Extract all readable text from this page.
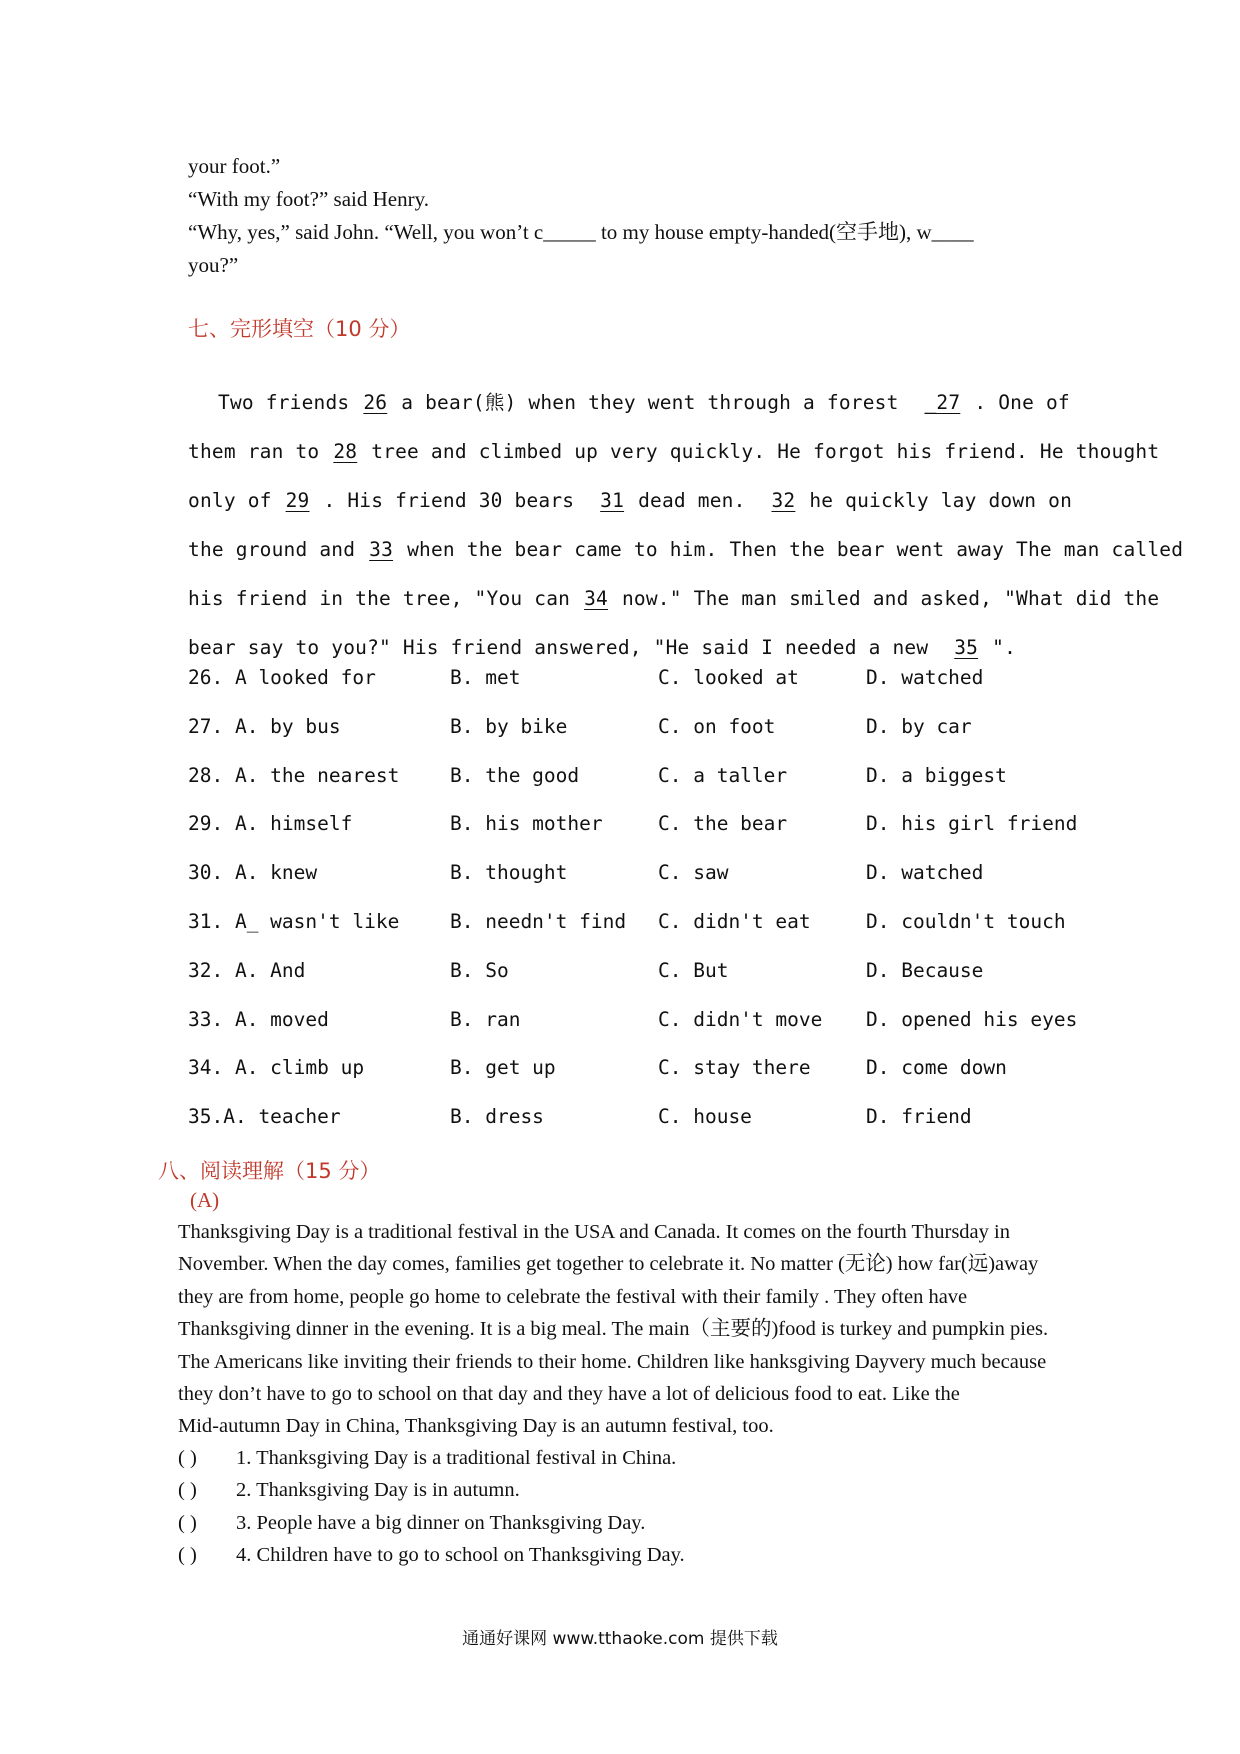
your foot.”

“With my foot?” said Henry.

“Why, yes,” said John. “Well, you won’t c_____ to my house empty-handed(空手地), w____

you?”

七、完形填空（10 分）
Two friends 26 a bear(熊) when they went through a forest _27 . One of
them ran to 28 tree and climbed up very quickly. He forgot his friend. He thought
only of 29 . His friend 30 bears 31 dead men. 32 he quickly lay down on
the ground and 33 when the bear came to him. Then the bear went away The man called
his friend in the tree, "You can 34 now." The man smiled and asked, "What did the
bear say to you?" His friend answered, "He said I needed a new 35 ".
26. A looked for	B. met	C. looked at	D. watched
27. A. by bus	B. by bike	C. on foot	D. by car
28. A. the nearest	B. the good	C. a taller	D. a biggest
29. A. himself	B. his mother	C. the bear	D. his girl friend
30. A. knew	B. thought	C. saw	D. watched
31. A_ wasn't like	B. needn't find C. didn't eat	D. couldn't touch
32. A. And	B. So	C. But	D. Because
33. A. moved	B. ran	C. didn't move D. opened his eyes
34. A. climb up	B. get up	C. stay there	D. come down
35.A. teacher	B. dress	C. house	D. friend
八、阅读理解（15 分）
(A)

Thanksgiving Day is a traditional festival in the USA and Canada. It comes on the fourth Thursday in

November. When the day comes, families get together to celebrate it. No matter (无论) how far(远)away

they are from home, people go home to celebrate the festival with their family . They often have

Thanksgiving dinner in the evening. It is a big meal. The main（主要的)food is turkey and pumpkin pies.

The Americans like inviting their friends to their home. Children like hanksgiving Dayvery much because

they don’t have to go to school on that day and they have a lot of delicious food to eat. Like the

Mid-autumn Day in China, Thanksgiving Day is an autumn festival, too.

( ) 1. Thanksgiving Day is a traditional festival in China.
( ) 2. Thanksgiving Day is in autumn.
( ) 3. People have a big dinner on Thanksgiving Day.
( ) 4. Children have to go to school on Thanksgiving Day.
通通好课网 www.tthaoke.com 提供下载
